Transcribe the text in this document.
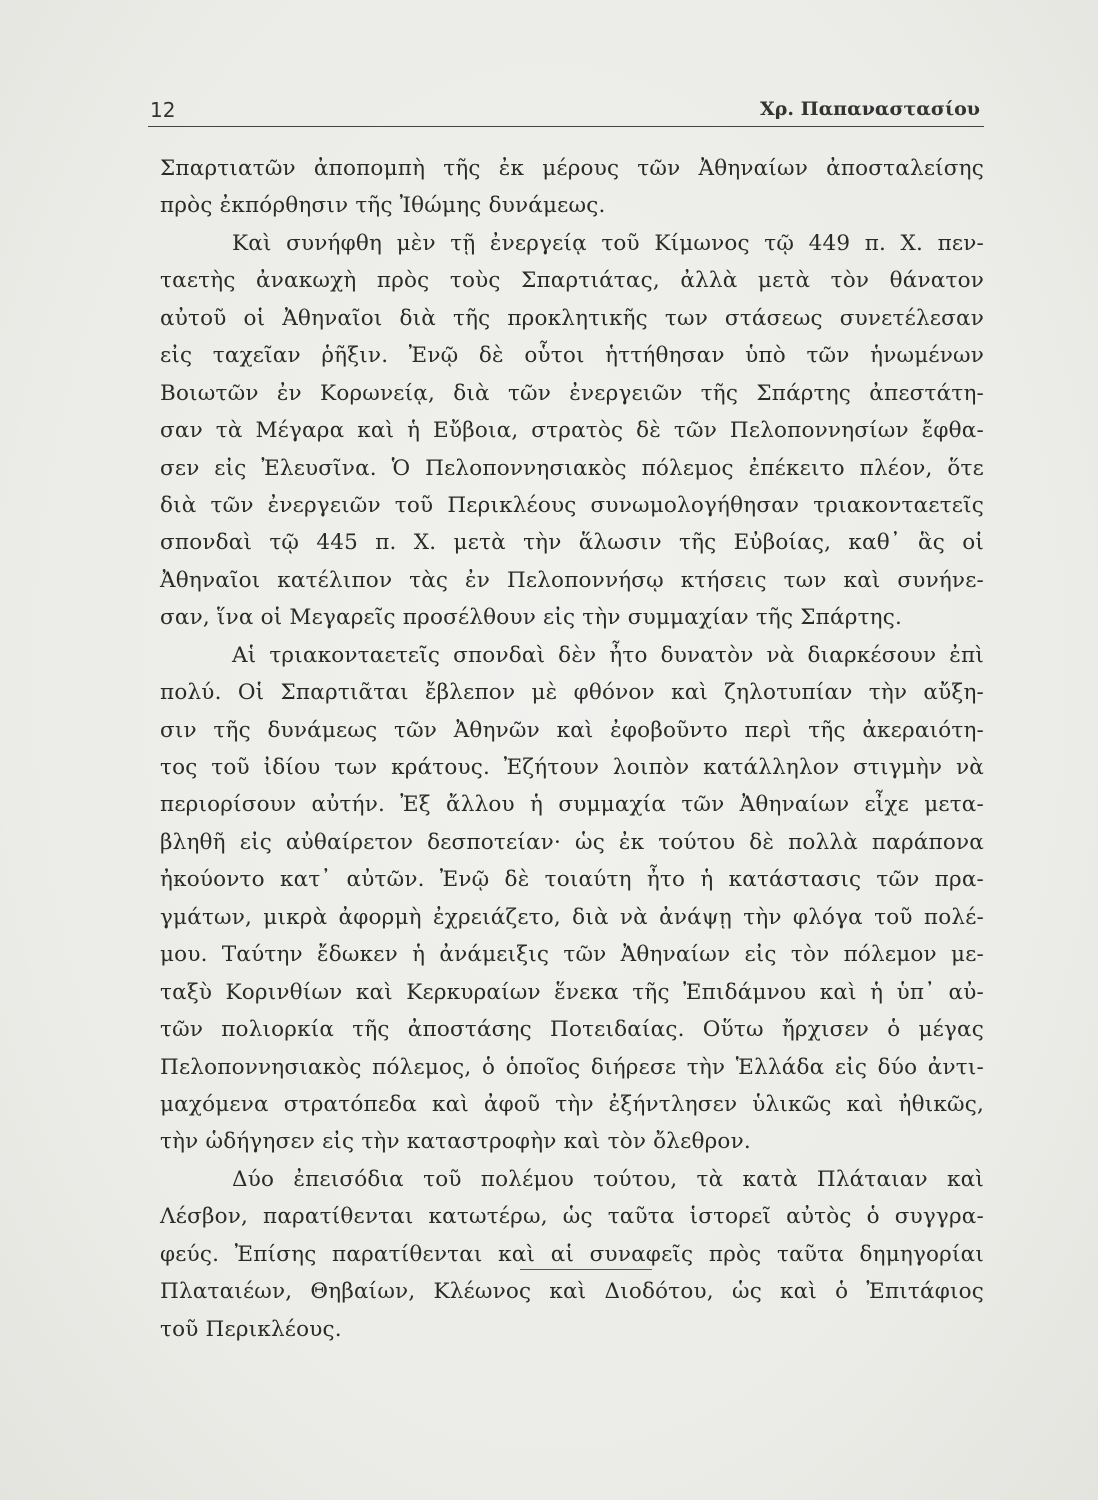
12	Χρ. Παπαναστασίου
Σπαρτιατῶν ἀποπομπὴ τῆς ἐκ μέρους τῶν Ἀθηναίων ἀποσταλείσης
πρὸς ἐκπόρθησιν τῆς Ἰθώμης δυνάμεως.
Καὶ συνήφθη μὲν τῇ ἐνεργείᾳ τοῦ Κίμωνος τῷ 449 π. Χ. πεν-
ταετὴς ἀνακωχὴ πρὸς τοὺς Σπαρτιάτας, ἀλλὰ μετὰ τὸν θάνατον
αὐτοῦ οἱ Ἀθηναῖοι διὰ τῆς προκλητικῆς των στάσεως συνετέλεσαν
εἰς ταχεῖαν ῥῆξιν. Ἐνῷ δὲ οὗτοι ἡττήθησαν ὑπὸ τῶν ἡνωμένων
Βοιωτῶν ἐν Κορωνείᾳ, διὰ τῶν ἐνεργειῶν τῆς Σπάρτης ἀπεστάτη-
σαν τὰ Μέγαρα καὶ ἡ Εὔβοια, στρατὸς δὲ τῶν Πελοποννησίων ἔφθα-
σεν εἰς Ἐλευσῖνα. Ὁ Πελοποννησιακὸς πόλεμος ἐπέκειτο πλέον, ὅτε
διὰ τῶν ἐνεργειῶν τοῦ Περικλέους συνωμολογήθησαν τριακονταετεῖς
σπονδαὶ τῷ 445 π. Χ. μετὰ τὴν ἅλωσιν τῆς Εὐβοίας, καθ᾽ ἃς οἱ
Ἀθηναῖοι κατέλιπον τὰς ἐν Πελοποννήσῳ κτήσεις των καὶ συνήνε-
σαν, ἵνα οἱ Μεγαρεῖς προσέλθουν εἰς τὴν συμμαχίαν τῆς Σπάρτης.
Αἱ τριακονταετεῖς σπονδαὶ δὲν ἦτο δυνατὸν νὰ διαρκέσουν ἐπὶ
πολύ. Οἱ Σπαρτιᾶται ἔβλεπον μὲ φθόνον καὶ ζηλοτυπίαν τὴν αὔξη-
σιν τῆς δυνάμεως τῶν Ἀθηνῶν καὶ ἐφοβοῦντο περὶ τῆς ἀκεραιότη-
τος τοῦ ἰδίου των κράτους. Ἐζήτουν λοιπὸν κατάλληλον στιγμὴν νὰ
περιορίσουν αὐτήν. Ἐξ ἄλλου ἡ συμμαχία τῶν Ἀθηναίων εἶχε μετα-
βληθῆ εἰς αὐθαίρετον δεσποτείαν· ὡς ἐκ τούτου δὲ πολλὰ παράπονα
ἠκούοντο κατ᾽ αὐτῶν. Ἐνῷ δὲ τοιαύτη ἦτο ἡ κατάστασις τῶν πρα-
γμάτων, μικρὰ ἀφορμὴ ἐχρειάζετο, διὰ νὰ ἀνάψῃ τὴν φλόγα τοῦ πολέ-
μου. Ταύτην ἔδωκεν ἡ ἀνάμειξις τῶν Ἀθηναίων εἰς τὸν πόλεμον με-
ταξὺ Κορινθίων καὶ Κερκυραίων ἕνεκα τῆς Ἐπιδάμνου καὶ ἡ ὑπ᾽ αὐ-
τῶν πολιορκία τῆς ἀποστάσης Ποτειδαίας. Οὕτω ἤρχισεν ὁ μέγας
Πελοποννησιακὸς πόλεμος, ὁ ὁποῖος διήρεσε τὴν Ἑλλάδα εἰς δύο ἀντι-
μαχόμενα στρατόπεδα καὶ ἀφοῦ τὴν ἐξήντλησεν ὑλικῶς καὶ ἠθικῶς,
τὴν ὡδήγησεν εἰς τὴν καταστροφὴν καὶ τὸν ὄλεθρον.
Δύο ἐπεισόδια τοῦ πολέμου τούτου, τὰ κατὰ Πλάταιαν καὶ
Λέσβον, παρατίθενται κατωτέρω, ὡς ταῦτα ἱστορεῖ αὐτὸς ὁ συγγρα-
φεύς. Ἐπίσης παρατίθενται καὶ αἱ συναφεῖς πρὸς ταῦτα δημηγορίαι
Πλαταιέων, Θηβαίων, Κλέωνος καὶ Διοδότου, ὡς καὶ ὁ Ἐπιτάφιος
τοῦ Περικλέους.
